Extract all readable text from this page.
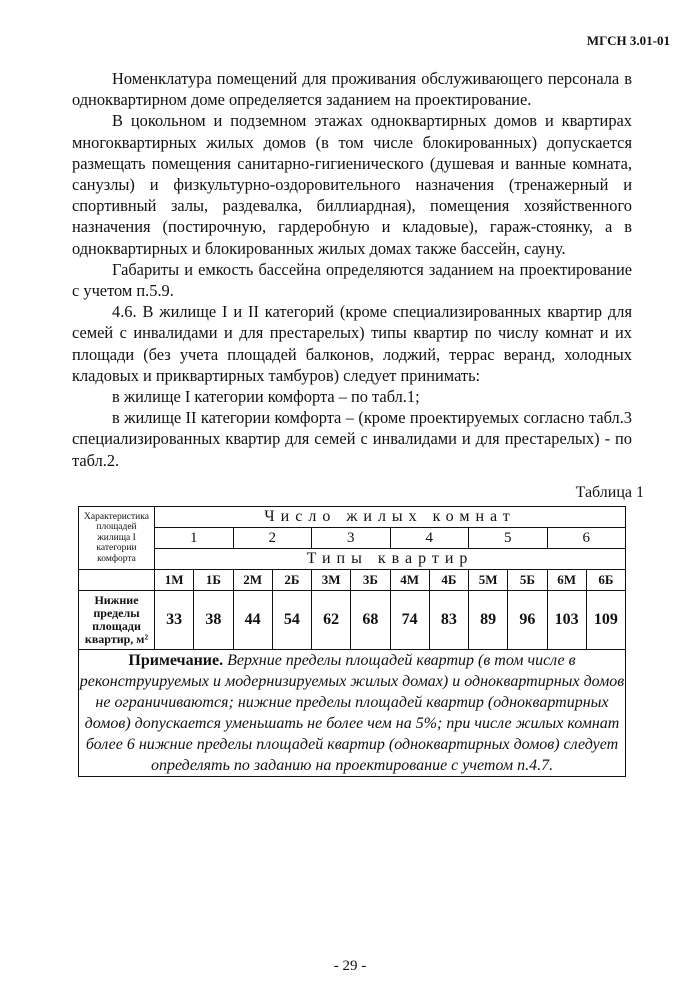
МГСН 3.01-01

Номенклатура помещений для проживания обслуживающего персонала в одноквартирном доме определяется заданием на проектирование.

В цокольном и подземном этажах одноквартирных домов и квартирах многоквартирных жилых домов (в том числе блокированных) допускается размещать помещения санитарно-гигиенического (душевая и ванные комната, санузлы) и физкультурно-оздоровительного назначения (тренажерный и спортивный залы, раздевалка, биллиардная), помещения хозяйственного назначения (постирочную, гардеробную и кладовые), гараж-стоянку, а в одноквартирных и блокированных жилых домах также бассейн, сауну.

Габариты и емкость бассейна определяются заданием на проектирование с учетом п.5.9.

4.6. В жилище I и II категорий (кроме специализированных квартир для семей с инвалидами и для престарелых) типы квартир по числу комнат и их площади (без учета площадей балконов, лоджий, террас веранд, холодных кладовых и приквартирных тамбуров) следует принимать:

в жилище I категории комфорта – по табл.1;

в жилище II категории комфорта – (кроме проектируемых согласно табл.3 специализированных квартир для семей с инвалидами и для престарелых) - по табл.2.

Таблица 1
Характеристика площадей жилища I категории комфорта	Число жилых комнат											
	1		2		3		4		5		6	
	Типы квартир											
	1М	1Б	2М	2Б	3М	3Б	4М	4Б	5М	5Б	6М	6Б
Нижние пределы площади квартир, м²	33	38	44	54	62	68	74	83	89	96	103	109
Примечание. Верхние пределы площадей квартир (в том числе в реконструируемых и модернизируемых жилых домах) и одноквартирных домов не ограничиваются; нижние пределы площадей квартир (одноквартирных домов) допускается уменьшать не более чем на 5%; при числе жилых комнат более 6 нижние пределы площадей квартир (одноквартирных домов) следует определять по заданию на проектирование с учетом п.4.7.												
- 29 -
